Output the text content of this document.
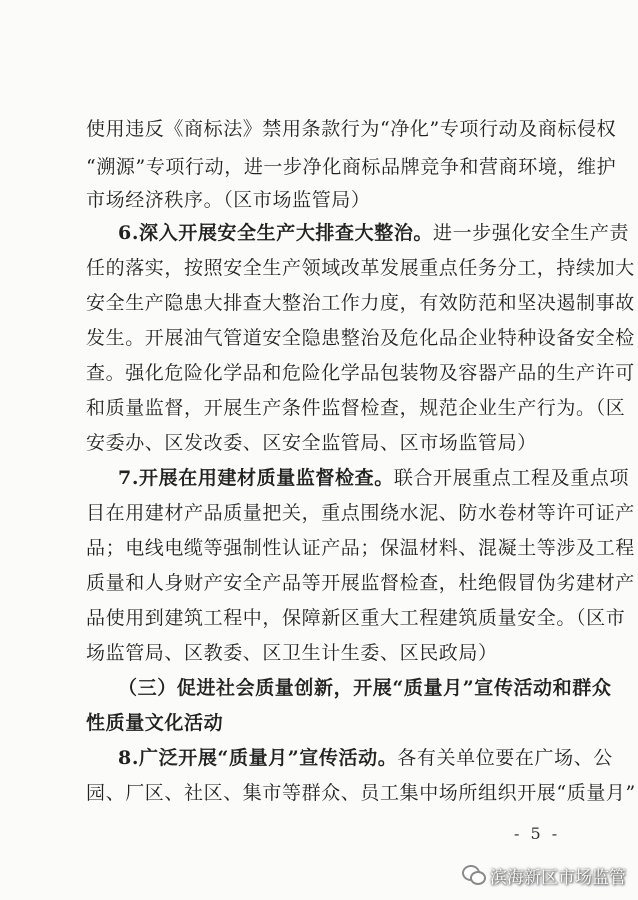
使用违反《商标法》禁用条款行为“净化”专项行动及商标侵权
“溯源”专项行动，进一步净化商标品牌竞争和营商环境，维护
市场经济秩序。（区市场监管局）
6.深入开展安全生产大排查大整治。进一步强化安全生产责
任的落实，按照安全生产领域改革发展重点任务分工，持续加大
安全生产隐患大排查大整治工作力度，有效防范和坚决遏制事故
发生。开展油气管道安全隐患整治及危化品企业特种设备安全检
查。强化危险化学品和危险化学品包装物及容器产品的生产许可
和质量监督，开展生产条件监督检查，规范企业生产行为。（区
安委办、区发改委、区安全监管局、区市场监管局）
7.开展在用建材质量监督检查。联合开展重点工程及重点项
目在用建材产品质量把关，重点围绕水泥、防水卷材等许可证产
品；电线电缆等强制性认证产品；保温材料、混凝土等涉及工程
质量和人身财产安全产品等开展监督检查，杜绝假冒伪劣建材产
品使用到建筑工程中，保障新区重大工程建筑质量安全。（区市
场监管局、区教委、区卫生计生委、区民政局）
（三）促进社会质量创新，开展“质量月”宣传活动和群众
性质量文化活动
8.广泛开展“质量月”宣传活动。各有关单位要在广场、公
园、厂区、社区、集市等群众、员工集中场所组织开展“质量月”
- 5 -
滨海新区市场监管
